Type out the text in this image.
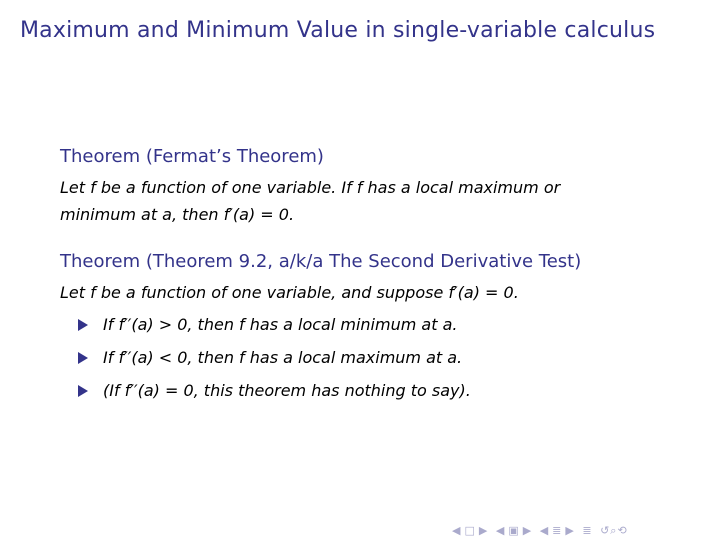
Maximum and Minimum Value in single-variable calculus
Theorem (Fermat’s Theorem)
Let f be a function of one variable. If f has a local maximum or
minimum at a, then f′(a) = 0.
Theorem (Theorem 9.2, a/k/a The Second Derivative Test)
Let f be a function of one variable, and suppose f′(a) = 0.
If f′′(a) > 0, then f has a local minimum at a.
If f′′(a) < 0, then f has a local maximum at a.
(If f′′(a) = 0, this theorem has nothing to say).
◀ □ ▶ ◀ ▣ ▶ ◀ ≣ ▶ ≣ ↺⌕⟲
